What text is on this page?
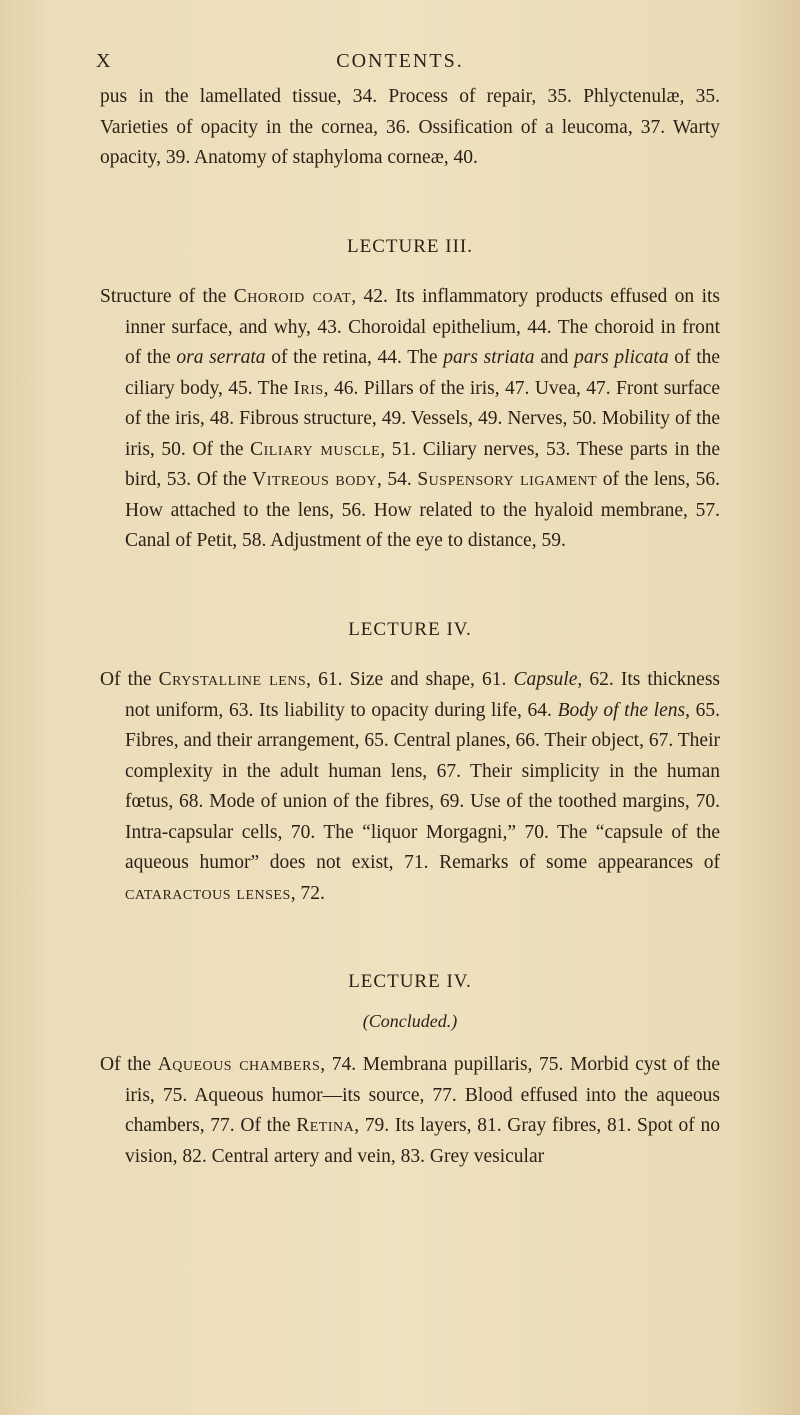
X	CONTENTS.

pus in the lamellated tissue, 34. Process of repair, 35. Phlyctenulæ, 35. Varieties of opacity in the cornea, 36. Ossification of a leucoma, 37. Warty opacity, 39. Anatomy of staphyloma corneæ, 40.

LECTURE III.

Structure of the Choroid coat, 42. Its inflammatory products effused on its inner surface, and why, 43. Choroidal epithelium, 44. The choroid in front of the ora serrata of the retina, 44. The pars striata and pars plicata of the ciliary body, 45. The Iris, 46. Pillars of the iris, 47. Uvea, 47. Front surface of the iris, 48. Fibrous structure, 49. Vessels, 49. Nerves, 50. Mobility of the iris, 50. Of the Ciliary muscle, 51. Ciliary nerves, 53. These parts in the bird, 53. Of the Vitreous body, 54. Suspensory ligament of the lens, 56. How attached to the lens, 56. How related to the hyaloid membrane, 57. Canal of Petit, 58. Adjustment of the eye to distance, 59.

LECTURE IV.

Of the Crystalline lens, 61. Size and shape, 61. Capsule, 62. Its thickness not uniform, 63. Its liability to opacity during life, 64. Body of the lens, 65. Fibres, and their arrangement, 65. Central planes, 66. Their object, 67. Their complexity in the adult human lens, 67. Their simplicity in the human fœtus, 68. Mode of union of the fibres, 69. Use of the toothed margins, 70. Intra-capsular cells, 70. The “liquor Morgagni,” 70. The “capsule of the aqueous humor” does not exist, 71. Remarks of some appearances of cataractous lenses, 72.

LECTURE IV.

(Concluded.)

Of the Aqueous chambers, 74. Membrana pupillaris, 75. Morbid cyst of the iris, 75. Aqueous humor—its source, 77. Blood effused into the aqueous chambers, 77. Of the Retina, 79. Its layers, 81. Gray fibres, 81. Spot of no vision, 82. Central artery and vein, 83. Grey vesicular
